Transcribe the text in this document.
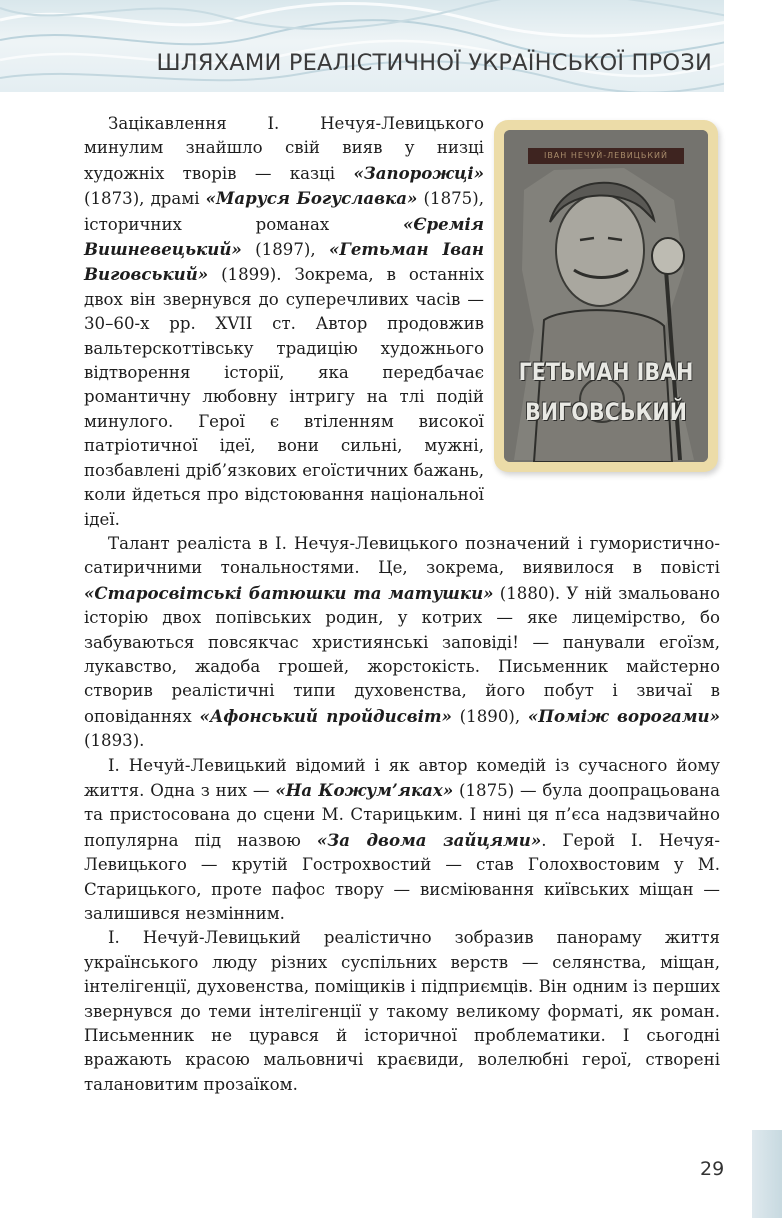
ШЛЯХАМИ РЕАЛІСТИЧНОЇ УКРАЇНСЬКОЇ ПРОЗИ
ІВАН НЕЧУЙ-ЛЕВИЦЬКИЙ
ГЕТЬМАН ІВАН
ВИГОВСЬКИЙ

Зацікавлення І. Нечуя-Левицького минулим знайшло свій вияв у низці художніх творів — казці «Запорожці» (1873), драмі «Маруся Богуславка» (1875), історичних романах «Єремія Вишневецький» (1897), «Гетьман Іван Виговський» (1899). Зокрема, в останніх двох він звернувся до суперечливих часів — 30–60-х рр. XVII ст. Автор продовжив вальтерскоттівську традицію художнього відтворення історії, яка передбачає романтичну любовну інтригу на тлі подій минулого. Герої є втіленням високої патріотичної ідеї, вони сильні, мужні, позбавлені дріб’язкових егоїстичних бажань, коли йдеться про відстоювання національної ідеї.

Талант реаліста в І. Нечуя-Левицького позначений і гумористично-сатиричними тональностями. Це, зокрема, виявилося в повісті «Старосвітські батюшки та матушки» (1880). У ній змальовано історію двох попівських родин, у котрих — яке лицемірство, бо забуваються повсякчас християнські заповіді! — панували егоїзм, лукавство, жадоба грошей, жорстокість. Письменник майстерно створив реалістичні типи духовенства, його побут і звичаї в оповіданнях «Афонський пройдисвіт» (1890), «Поміж ворогами» (1893).

І. Нечуй-Левицький відомий і як автор комедій із сучасного йому життя. Одна з них — «На Кожум’яках» (1875) — була доопрацьована та пристосована до сцени М. Старицьким. І нині ця п’єса надзвичайно популярна під назвою «За двома зайцями». Герой І. Нечуя-Левицького — крутій Гострохвостий — став Голохвостовим у М. Старицького, проте пафос твору — висміювання київських міщан — залишився незмінним.

І. Нечуй-Левицький реалістично зобразив панораму життя українського люду різних суспільних верств — селянства, міщан, інтелігенції, духовенства, поміщиків і підприємців. Він одним із перших звернувся до теми інтелігенції у такому великому форматі, як роман. Письменник не цурався й історичної проблематики. І сьогодні вражають красою мальовничі краєвиди, волелюбні герої, створені талановитим прозаїком.

29
